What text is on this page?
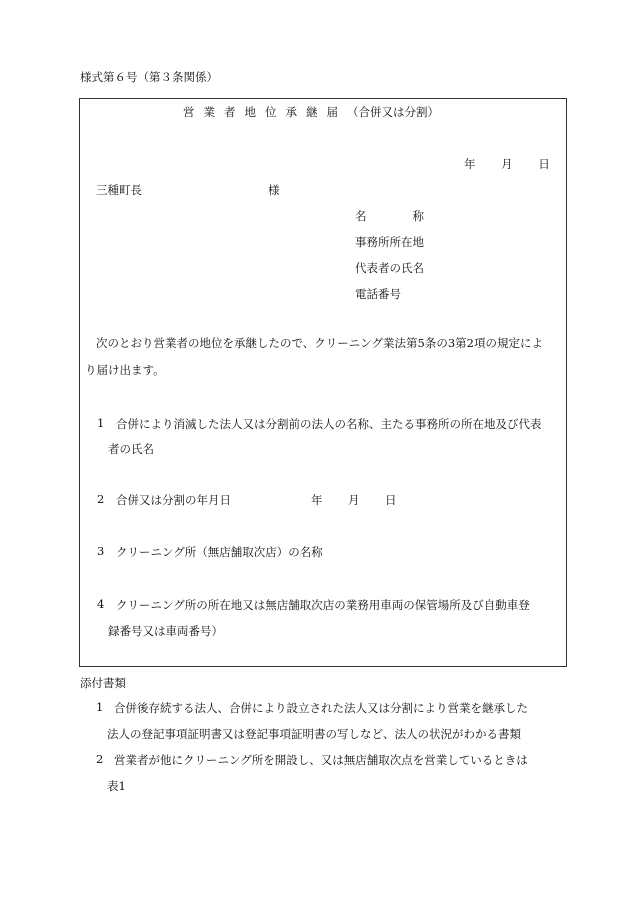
様式第６号（第３条関係）
営 業 者 地 位 承 継 届 （合併又は分割）
年 月 日
三種町長	様
名　　　　称
事務所所在地
代表者の氏名
電話番号
次のとおり営業者の地位を承継したので、クリーニング業法第5条の3第2項の規定によ
り届け出ます。
1 合併により消滅した法人又は分割前の法人の名称、主たる事務所の所在地及び代表
者の氏名
2 合併又は分割の年月日	年 月 日
3 クリーニング所（無店舗取次店）の名称
4 クリーニング所の所在地又は無店舗取次店の業務用車両の保管場所及び自動車登
録番号又は車両番号）
添付書類
1 合併後存続する法人、合併により設立された法人又は分割により営業を継承した
法人の登記事項証明書又は登記事項証明書の写しなど、法人の状況がわかる書類
2 営業者が他にクリーニング所を開設し、又は無店舗取次点を営業しているときは
表1
